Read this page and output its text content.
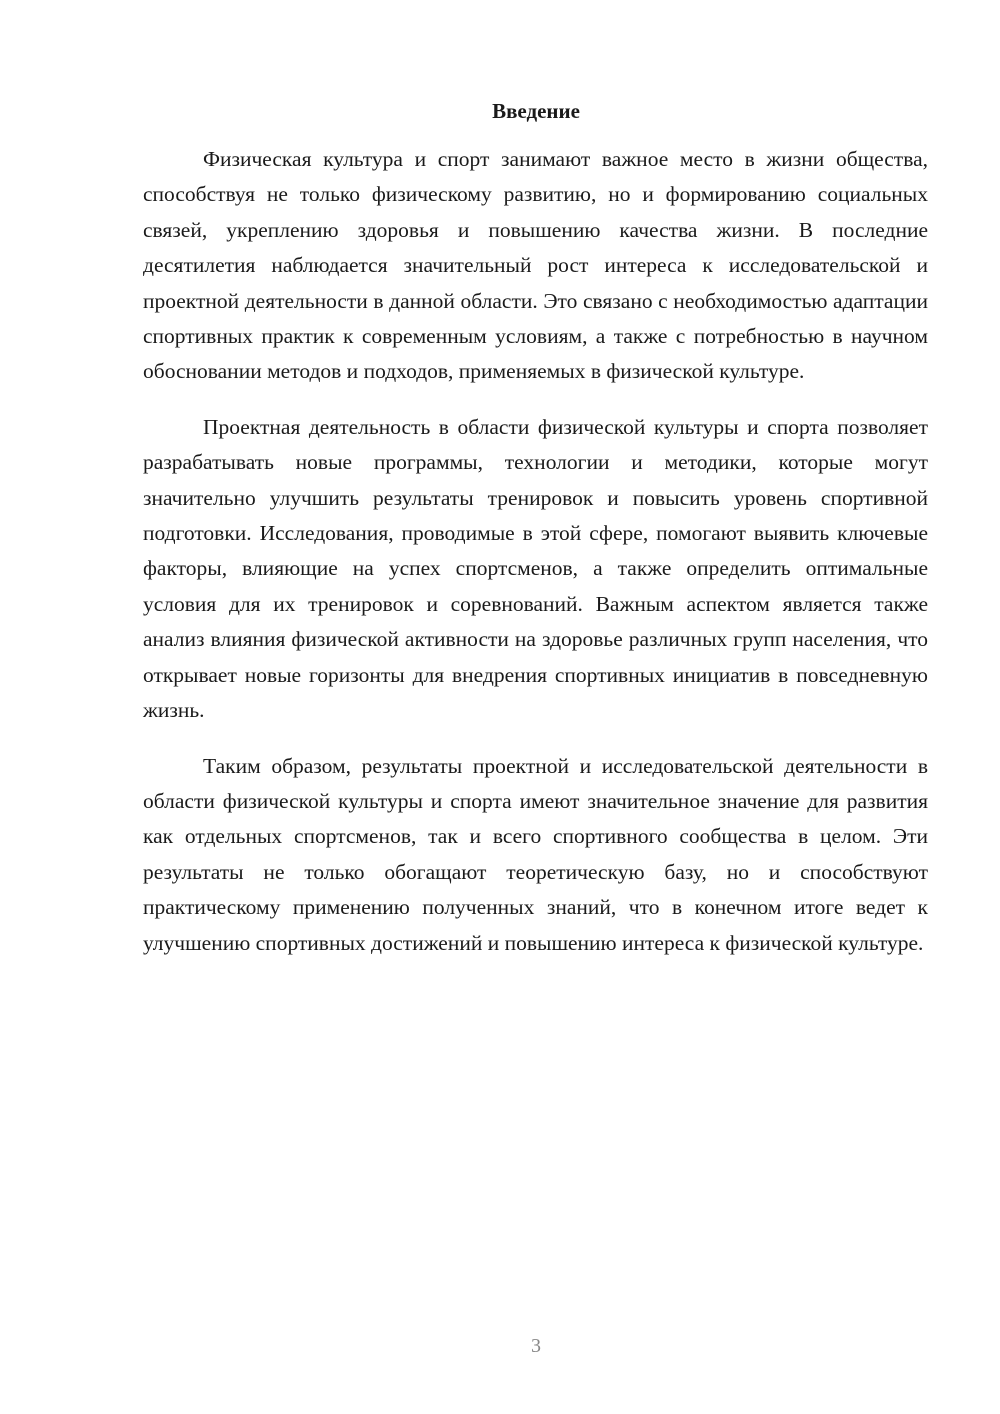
Введение

Физическая культура и спорт занимают важное место в жизни общества, способствуя не только физическому развитию, но и формированию социальных связей, укреплению здоровья и повышению качества жизни. В последние десятилетия наблюдается значительный рост интереса к исследовательской и проектной деятельности в данной области. Это связано с необходимостью адаптации спортивных практик к современным условиям, а также с потребностью в научном обосновании методов и подходов, применяемых в физической культуре.

Проектная деятельность в области физической культуры и спорта позволяет разрабатывать новые программы, технологии и методики, которые могут значительно улучшить результаты тренировок и повысить уровень спортивной подготовки. Исследования, проводимые в этой сфере, помогают выявить ключевые факторы, влияющие на успех спортсменов, а также определить оптимальные условия для их тренировок и соревнований. Важным аспектом является также анализ влияния физической активности на здоровье различных групп населения, что открывает новые горизонты для внедрения спортивных инициатив в повседневную жизнь.

Таким образом, результаты проектной и исследовательской деятельности в области физической культуры и спорта имеют значительное значение для развития как отдельных спортсменов, так и всего спортивного сообщества в целом. Эти результаты не только обогащают теоретическую базу, но и способствуют практическому применению полученных знаний, что в конечном итоге ведет к улучшению спортивных достижений и повышению интереса к физической культуре.

3
